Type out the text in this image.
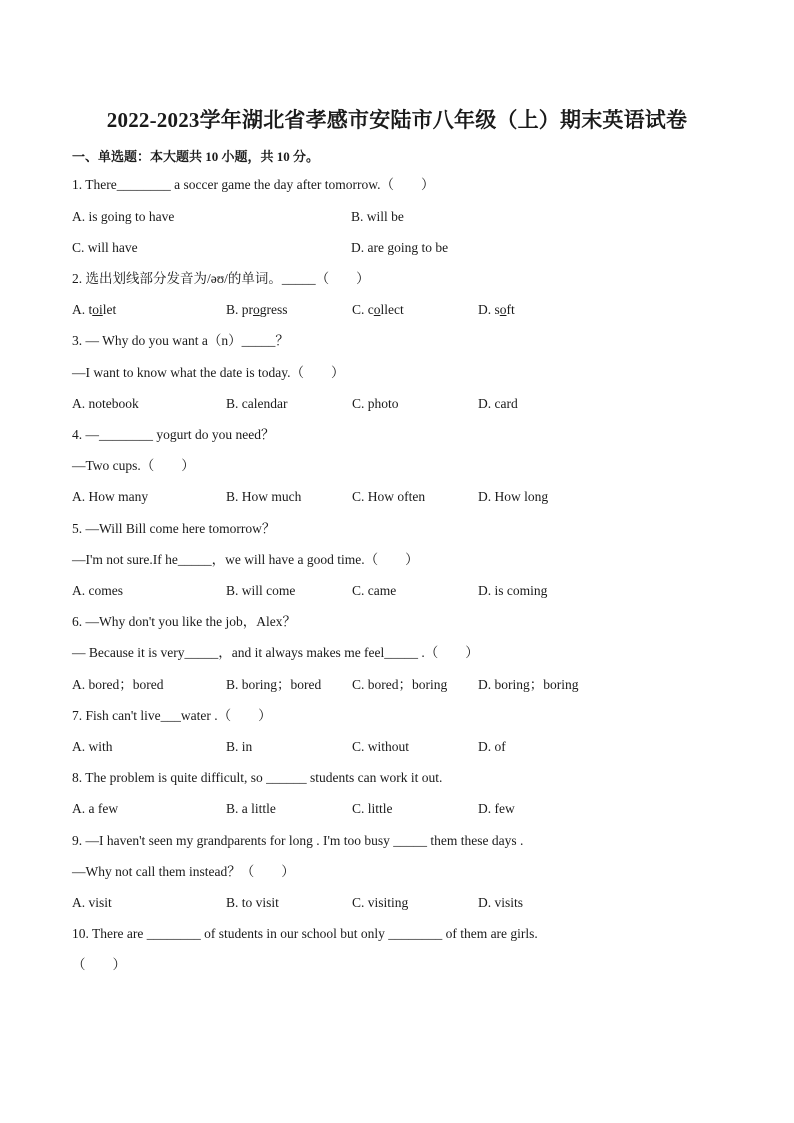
2022-2023学年湖北省孝感市安陆市八年级（上）期末英语试卷
一、单选题：本大题共 10 小题，共 10 分。
1. There________ a soccer game the day after tomorrow.（　　）
A. is going to have	B. will be
C. will have	D. are going to be
2. 选出划线部分发音为/əʊ/的单词。_____（　　）
A. toilet	B. progress	C. collect	D. soft
3. — Why do you want a（n）_____？
—I want to know what the date is today.（　　）
A. notebook	B. calendar	C. photo	D. card
4. —________ yogurt do you need？
—Two cups.（　　）
A. How many	B. How much	C. How often	D. How long
5. —Will Bill come here tomorrow？
—I'm not sure.If he_____，we will have a good time.（　　）
A. comes	B. will come	C. came	D. is coming
6. —Why don't you like the job，Alex？
— Because it is very_____，and it always makes me feel_____ .（　　）
A. bored；bored	B. boring；bored C. bored；boring D. boring；boring
7. Fish can't live___water .（　　）
A. with	B. in	C. without	D. of
8. The problem is quite difficult, so ______ students can work it out.
A. a few	B. a little	C. little	D. few
9. —I haven't seen my grandparents for long . I'm too busy _____ them these days .
—Why not call them instead？（　　）
A. visit	B. to visit	C. visiting	D. visits
10. There are ________ of students in our school but only ________ of them are girls.
（　　）
